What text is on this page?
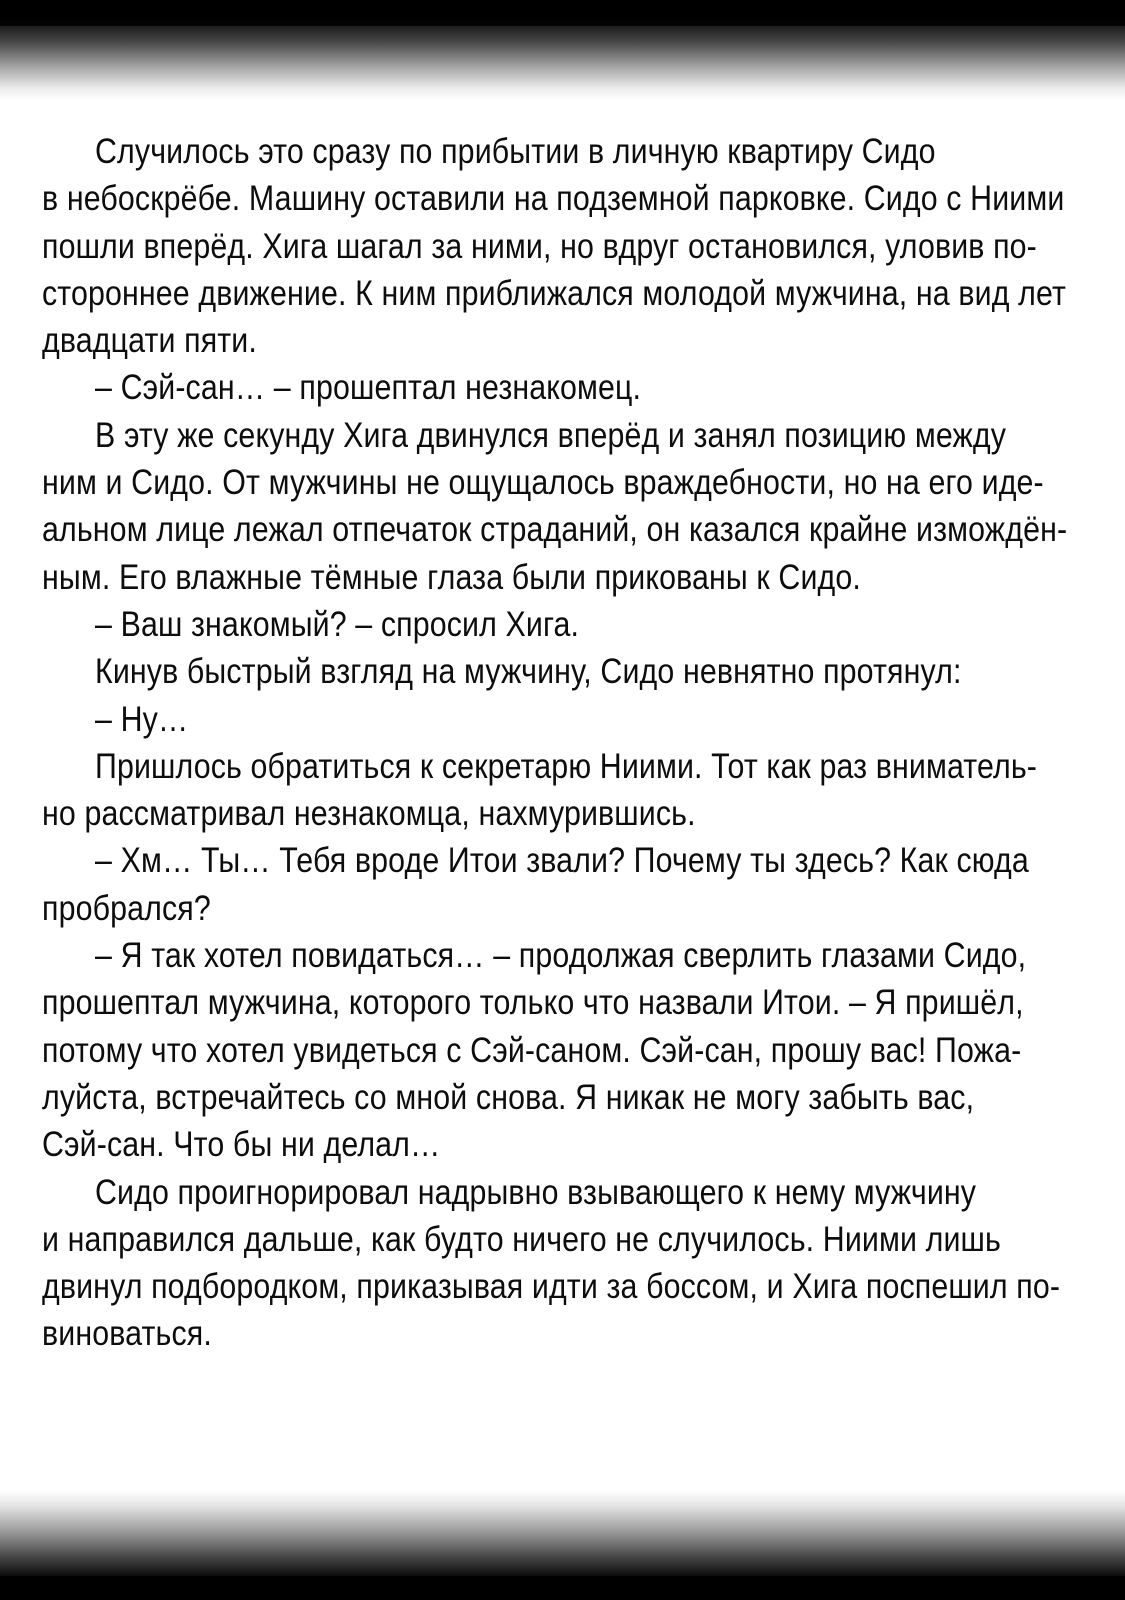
Случилось это сразу по прибытии в личную квартиру Сидо
в небоскрёбе. Машину оставили на подземной парковке. Сидо с Ниими
пошли вперёд. Хига шагал за ними, но вдруг остановился, уловив по-
стороннее движение. К ним приближался молодой мужчина, на вид лет
двадцати пяти.
– Сэй-сан… – прошептал незнакомец.
В эту же секунду Хига двинулся вперёд и занял позицию между
ним и Сидо. От мужчины не ощущалось враждебности, но на его иде-
альном лице лежал отпечаток страданий, он казался крайне измождён-
ным. Его влажные тёмные глаза были прикованы к Сидо.
– Ваш знакомый? – спросил Хига.
Кинув быстрый взгляд на мужчину, Сидо невнятно протянул:
– Ну…
Пришлось обратиться к секретарю Ниими. Тот как раз вниматель-
но рассматривал незнакомца, нахмурившись.
– Хм… Ты… Тебя вроде Итои звали? Почему ты здесь? Как сюда
пробрался?
– Я так хотел повидаться… – продолжая сверлить глазами Сидо,
прошептал мужчина, которого только что назвали Итои. – Я пришёл,
потому что хотел увидеться с Сэй-саном. Сэй-сан, прошу вас! Пожа-
луйста, встречайтесь со мной снова. Я никак не могу забыть вас,
Сэй-сан. Что бы ни делал…
Сидо проигнорировал надрывно взывающего к нему мужчину
и направился дальше, как будто ничего не случилось. Ниими лишь
двинул подбородком, приказывая идти за боссом, и Хига поспешил по-
виноваться.
